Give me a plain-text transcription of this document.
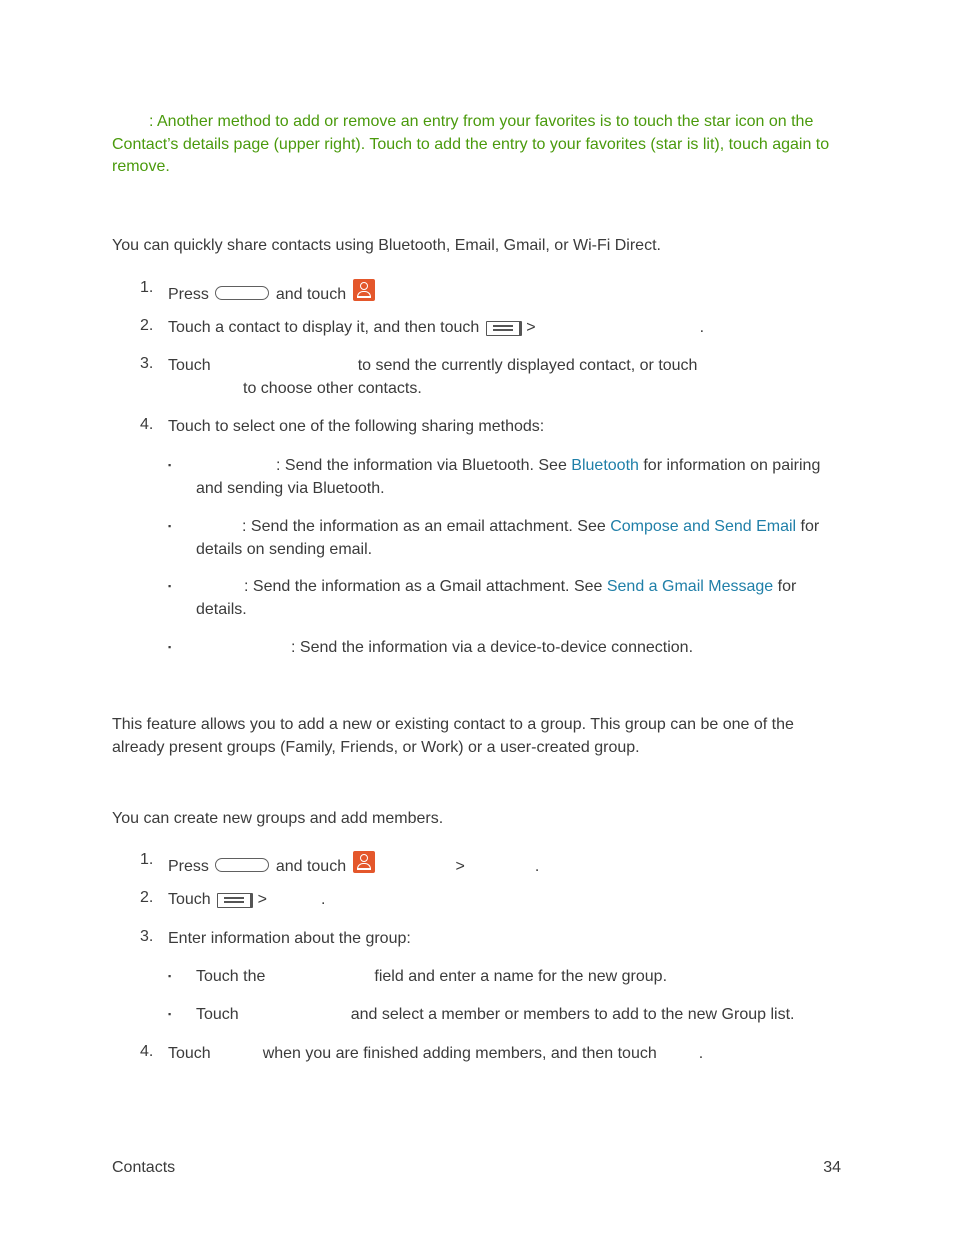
: Another method to add or remove an entry from your favorites is to touch the star icon on the Contact’s details page (upper right). Touch to add the entry to your favorites (star is lit), touch again to remove.
You can quickly share contacts using Bluetooth, Email, Gmail, or Wi-Fi Direct.
1. Press	and touch
2. Touch a contact to display it, and then touch	>	.
3. Touch	to send the currently displayed contact, or touch
to choose other contacts.
4. Touch to select one of the following sharing methods:
▪	: Send the information via Bluetooth. See Bluetooth for information on pairing and sending via Bluetooth.
▪	: Send the information as an email attachment. See Compose and Send Email for details on sending email.
▪	: Send the information as a Gmail attachment. See Send a Gmail Message for details.
▪	: Send the information via a device-to-device connection.
This feature allows you to add a new or existing contact to a group. This group can be one of the already present groups (Family, Friends, or Work) or a user-created group.
You can create new groups and add members.
1. Press	and touch	>	.
2. Touch	>	.
3. Enter information about the group:
▪ Touch the	field and enter a name for the new group.
▪ Touch	and select a member or members to add to the new Group list.
4. Touch	when you are finished adding members, and then touch	.
Contacts	34
